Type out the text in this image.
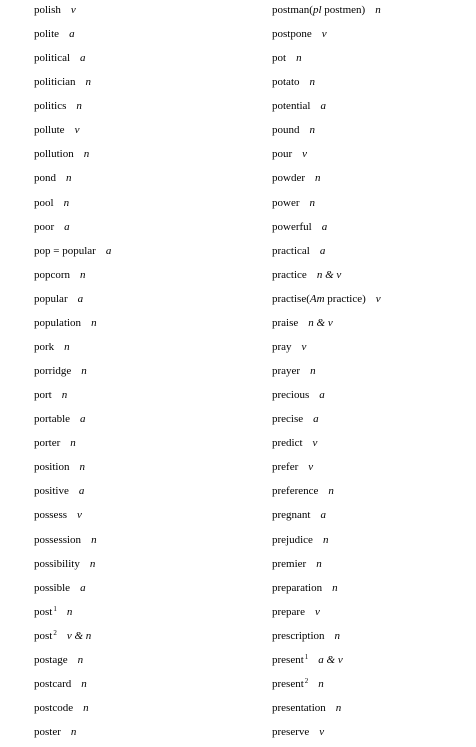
polish v
polite a
political a
politician n
politics n
pollute v
pollution n
pond n
pool n
poor a
pop = popular a
popcorn n
popular a
population n
pork n
porridge n
port n
portable a
porter n
position n
positive a
possess v
possession n
possibility n
possible a
post$^1$ n
post$^2$ v & n
postage n
postcard n
postcode n
poster n
postman(pl postmen) n
postpone v
pot n
potato n
potential a
pound n
pour v
powder n
power n
powerful a
practical a
practice n & v
practise(Am practice) v
praise n & v
pray v
prayer n
precious a
precise a
predict v
prefer v
preference n
pregnant a
prejudice n
premier n
preparation n
prepare v
prescription n
present$^1$ a & v
present$^2$ n
presentation n
preserve v
